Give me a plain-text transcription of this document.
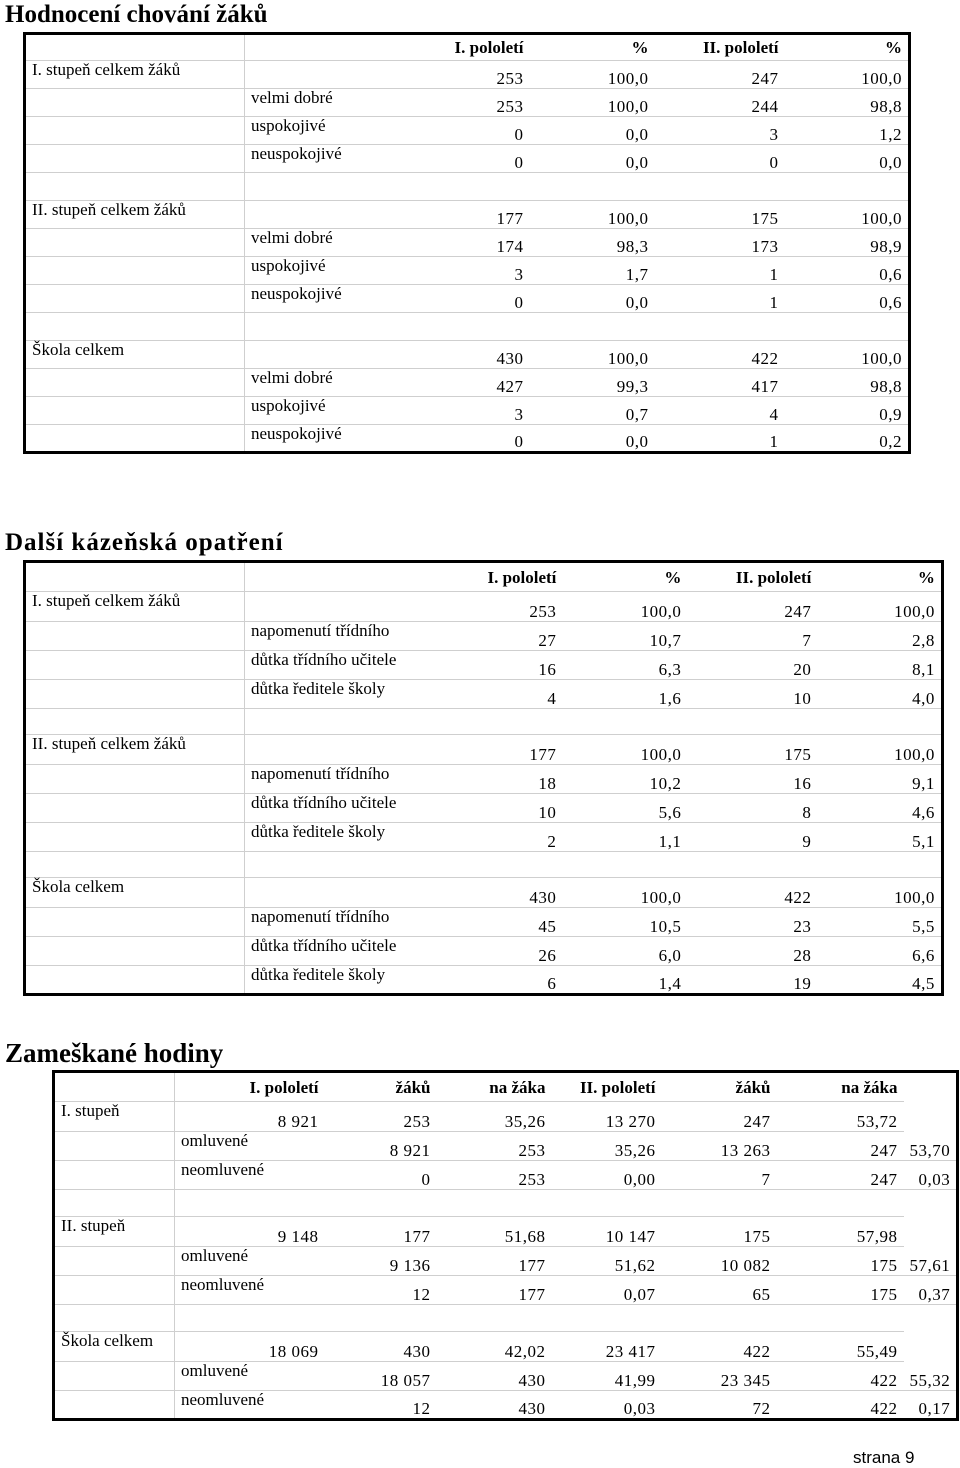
Hodnocení chování žáků
		I. pololetí	%	II. pololetí	%
I. stupeň celkem žáků		253	100,0	247	100,0
	velmi dobré	253	100,0	244	98,8
	uspokojivé	0	0,0	3	1,2
	neuspokojivé	0	0,0	0	0,0

II. stupeň celkem žáků		177	100,0	175	100,0
	velmi dobré	174	98,3	173	98,9
	uspokojivé	3	1,7	1	0,6
	neuspokojivé	0	0,0	1	0,6

Škola celkem		430	100,0	422	100,0
	velmi dobré	427	99,3	417	98,8
	uspokojivé	3	0,7	4	0,9
	neuspokojivé	0	0,0	1	0,2
Další kázeňská opatření
		I. pololetí	%	II. pololetí	%
I. stupeň celkem žáků		253	100,0	247	100,0
	napomenutí třídního	27	10,7	7	2,8
	důtka třídního učitele	16	6,3	20	8,1
	důtka ředitele školy	4	1,6	10	4,0

II. stupeň celkem žáků		177	100,0	175	100,0
	napomenutí třídního	18	10,2	16	9,1
	důtka třídního učitele	10	5,6	8	4,6
	důtka ředitele školy	2	1,1	9	5,1

Škola celkem		430	100,0	422	100,0
	napomenutí třídního	45	10,5	23	5,5
	důtka třídního učitele	26	6,0	28	6,6
	důtka ředitele školy	6	1,4	19	4,5
Zameškané hodiny
	I. pololetí	žáků	na žáka	II. pololetí	žáků	na žáka	
I. stupeň	8 921	253	35,26	13 270	247	53,72	
	omluvené	8 921	253	35,26	13 263	247	53,70
	neomluvené	0	253	0,00	7	247	0,03

II. stupeň	9 148	177	51,68	10 147	175	57,98	
	omluvené	9 136	177	51,62	10 082	175	57,61
	neomluvené	12	177	0,07	65	175	0,37

Škola celkem	18 069	430	42,02	23 417	422	55,49	
	omluvené	18 057	430	41,99	23 345	422	55,32
	neomluvené	12	430	0,03	72	422	0,17
strana 9
